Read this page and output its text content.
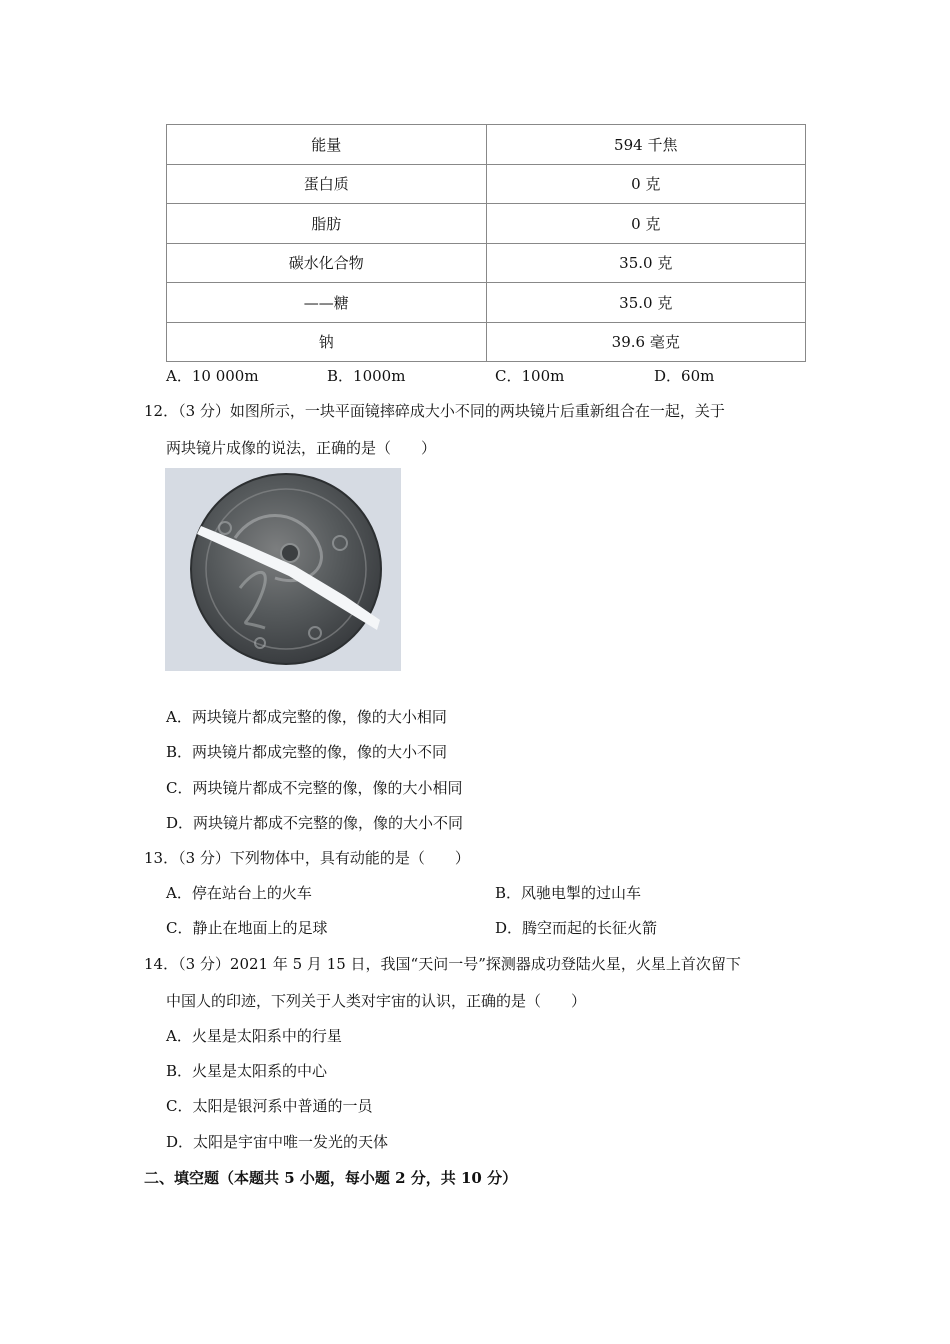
能量	594 千焦
蛋白质	0 克
脂肪	0 克
碳水化合物	35.0 克
——糖	35.0 克
钠	39.6 毫克
A．10 000m	B．1000m	C．100m	D．60m
12．（3 分）如图所示，一块平面镜摔碎成大小不同的两块镜片后重新组合在一起，关于
两块镜片成像的说法，正确的是（　　）
A．两块镜片都成完整的像，像的大小相同
B．两块镜片都成完整的像，像的大小不同
C．两块镜片都成不完整的像，像的大小相同
D．两块镜片都成不完整的像，像的大小不同
13．（3 分）下列物体中，具有动能的是（　　）
A．停在站台上的火车	B．风驰电掣的过山车
C．静止在地面上的足球	D．腾空而起的长征火箭
14．（3 分）2021 年 5 月 15 日，我国“天问一号”探测器成功登陆火星，火星上首次留下
中国人的印迹，下列关于人类对宇宙的认识，正确的是（　　）
A．火星是太阳系中的行星
B．火星是太阳系的中心
C．太阳是银河系中普通的一员
D．太阳是宇宙中唯一发光的天体
二、填空题（本题共 5 小题，每小题 2 分，共 10 分）
